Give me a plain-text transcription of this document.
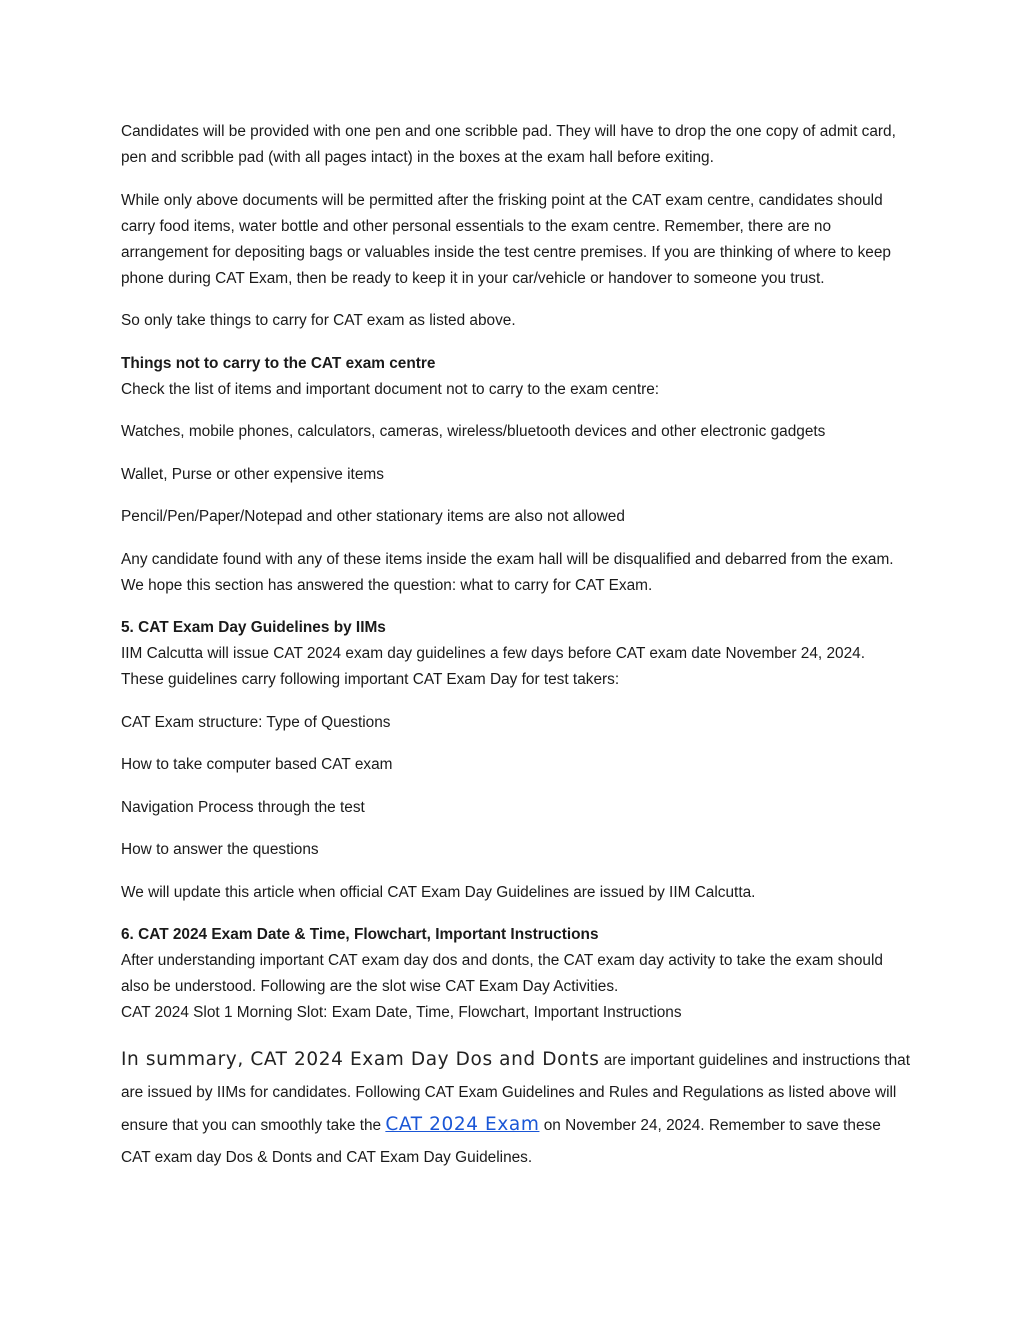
Candidates will be provided with one pen and one scribble pad. They will have to drop the one copy of admit card, pen and scribble pad (with all pages intact) in the boxes at the exam hall before exiting.

While only above documents will be permitted after the frisking point at the CAT exam centre, candidates should carry food items, water bottle and other personal essentials to the exam centre. Remember, there are no arrangement for depositing bags or valuables inside the test centre premises. If you are thinking of where to keep phone during CAT Exam, then be ready to keep it in your car/vehicle or handover to someone you trust.

So only take things to carry for CAT exam as listed above.

Things not to carry to the CAT exam centre
Check the list of items and important document not to carry to the exam centre:

Watches, mobile phones, calculators, cameras, wireless/bluetooth devices and other electronic gadgets

Wallet, Purse or other expensive items

Pencil/Pen/Paper/Notepad and other stationary items are also not allowed

Any candidate found with any of these items inside the exam hall will be disqualified and debarred from the exam. We hope this section has answered the question: what to carry for CAT Exam.

5. CAT Exam Day Guidelines by IIMs
IIM Calcutta will issue CAT 2024 exam day guidelines a few days before CAT exam date November 24, 2024. These guidelines carry following important CAT Exam Day for test takers:

CAT Exam structure: Type of Questions

How to take computer based CAT exam

Navigation Process through the test

How to answer the questions

We will update this article when official CAT Exam Day Guidelines are issued by IIM Calcutta.

6. CAT 2024 Exam Date & Time, Flowchart, Important Instructions
After understanding important CAT exam day dos and donts, the CAT exam day activity to take the exam should also be understood. Following are the slot wise CAT Exam Day Activities.
CAT 2024 Slot 1 Morning Slot: Exam Date, Time, Flowchart, Important Instructions

In summary, CAT 2024 Exam Day Dos and Donts are important guidelines and instructions that are issued by IIMs for candidates. Following CAT Exam Guidelines and Rules and Regulations as listed above will ensure that you can smoothly take the CAT 2024 Exam on November 24, 2024. Remember to save these CAT exam day Dos & Donts and CAT Exam Day Guidelines.
